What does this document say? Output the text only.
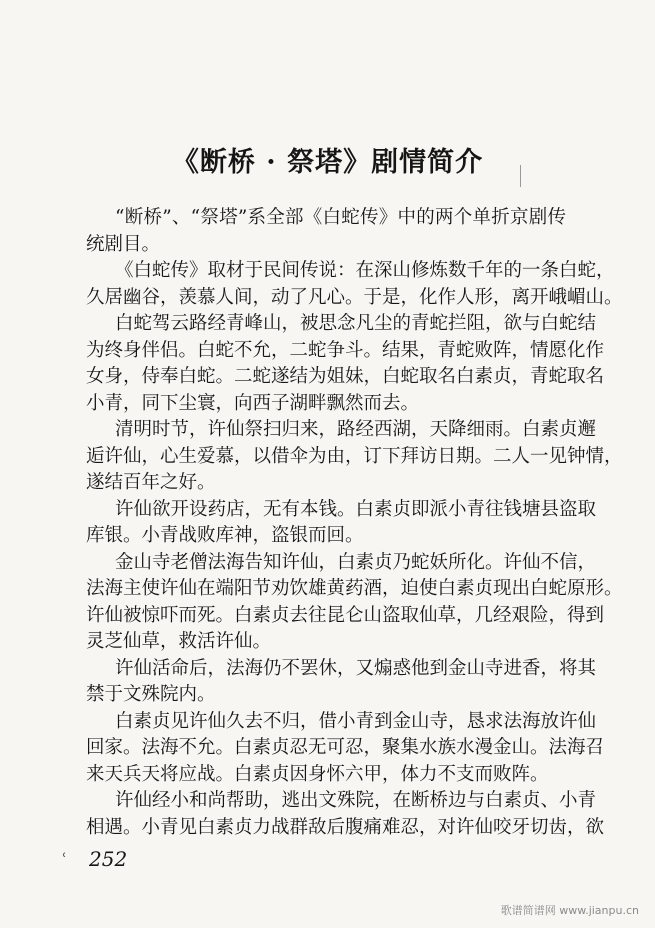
《断桥 · 祭塔》剧情简介
“断桥”、“祭塔”系全部《白蛇传》中的两个单折京剧传
统剧目。
《白蛇传》取材于民间传说：在深山修炼数千年的一条白蛇，
久居幽谷，羡慕人间，动了凡心。于是，化作人形，离开峨嵋山。
白蛇驾云路经青峰山，被思念凡尘的青蛇拦阻，欲与白蛇结
为终身伴侣。白蛇不允，二蛇争斗。结果，青蛇败阵，情愿化作
女身，侍奉白蛇。二蛇遂结为姐妹，白蛇取名白素贞，青蛇取名
小青，同下尘寰，向西子湖畔飘然而去。
清明时节，许仙祭扫归来，路经西湖，天降细雨。白素贞邂
逅许仙，心生爱慕，以借伞为由，订下拜访日期。二人一见钟情，
遂结百年之好。
许仙欲开设药店，无有本钱。白素贞即派小青往钱塘县盗取
库银。小青战败库神，盗银而回。
金山寺老僧法海告知许仙，白素贞乃蛇妖所化。许仙不信，
法海主使许仙在端阳节劝饮雄黄药酒，迫使白素贞现出白蛇原形。
许仙被惊吓而死。白素贞去往昆仑山盗取仙草，几经艰险，得到
灵芝仙草，救活许仙。
许仙活命后，法海仍不罢休，又煽惑他到金山寺进香，将其
禁于文殊院内。
白素贞见许仙久去不归，借小青到金山寺，恳求法海放许仙
回家。法海不允。白素贞忍无可忍，聚集水族水漫金山。法海召
来天兵天将应战。白素贞因身怀六甲，体力不支而败阵。
许仙经小和尚帮助，逃出文殊院，在断桥边与白素贞、小青
ʿ 252
歌谱简谱网 www.jianpu.cn
相遇。小青见白素贞力战群敌后腹痛难忍，对许仙咬牙切齿，欲
